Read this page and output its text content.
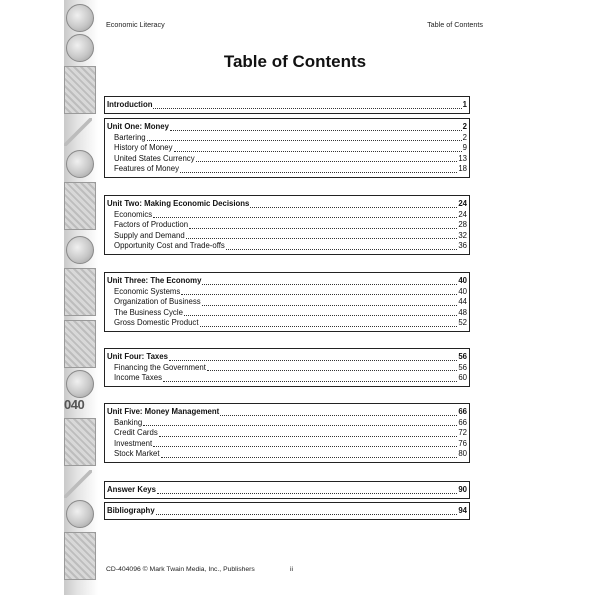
040
Economic Literacy	Table of Contents
Table of Contents
Introduction	1
Unit One: Money	2
Bartering	2
History of Money	9
United States Currency	13
Features of Money	18
Unit Two: Making Economic Decisions	24
Economics	24
Factors of Production	28
Supply and Demand	32
Opportunity Cost and Trade-offs	36
Unit Three: The Economy	40
Economic Systems	40
Organization of Business	44
The Business Cycle	48
Gross Domestic Product	52
Unit Four: Taxes	56
Financing the Government	56
Income Taxes	60
Unit Five: Money Management	66
Banking	66
Credit Cards	72
Investment	76
Stock Market	80
Answer Keys	90
Bibliography	94
CD-404096 © Mark Twain Media, Inc., Publishers	ii
